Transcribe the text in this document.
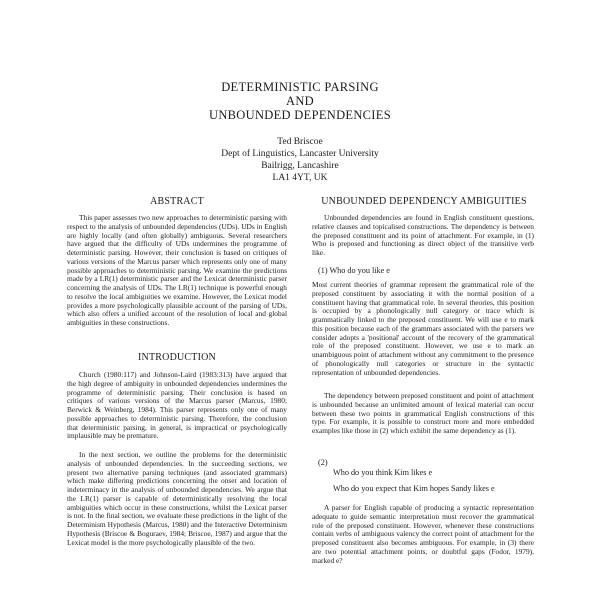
DETERMINISTIC PARSING
AND
UNBOUNDED DEPENDENCIES
Ted Briscoe
Dept of Linguistics, Lancaster University
Bailrigg, Lancashire
LA1 4YT, UK
ABSTRACT

This paper assesses two new approaches to deterministic parsing with respect to the analysis of unbounded dependencies (UDs). UDs in English are highly locally (and often globally) ambiguous. Several researchers have argued that the difficulty of UDs undermines the programme of deterministic parsing. However, their conclusion is based on critiques of various versions of the Marcus parser which represents only one of many possible approaches to deterministic parsing. We examine the predictions made by a LR(1) deterministic parser and the Lexicat deterministic parser concerning the analysis of UDs. The LR(1) technique is powerful enough to resolve the local ambiguities we examine. However, the Lexicat model provides a more psychologically plausible account of the parsing of UDs, which also offers a unified account of the resolution of local and global ambiguities in these constructions.

INTRODUCTION

Church (1980:117) and Johnson-Laird (1983:313) have argued that the high degree of ambiguity in unbounded dependencies undermines the programme of deterministic parsing. Their conclusion is based on critiques of various versions of the Marcus parser (Marcus, 1980; Berwick & Weinberg, 1984). This parser represents only one of many possible approaches to deterministic parsing. Therefore, the conclusion that deterministic parsing, in general, is impractical or psychologically implausible may be premature.

In the next section, we outline the problems for the deterministic analysis of unbounded dependencies. In the succeeding sections, we present two alternative parsing techniques (and associated grammars) which make differing predictions concerning the onset and location of indeterminacy in the analysis of unbounded dependencies. We argue that the LR(1) parser is capable of deterministically resolving the local ambiguities which occur in these constructions, whilst the Lexicat parser is not. In the final section, we evaluate these predictions in the light of the Determinism Hypothesis (Marcus, 1980) and the Interactive Determinism Hypothesis (Briscoe & Boguraev, 1984; Briscoe, 1987) and argue that the Lexicat model is the more psychologically plausible of the two.

UNBOUNDED DEPENDENCY AMBIGUITIES

Unbounded dependencies are found in English constituent questions, relative clauses and topicalised constructions. The dependency is between the preposed constituent and its point of attachment. For example, in (1) Who is preposed and functioning as direct object of the transitive verb like.

(1) Who do you like e

Most current theories of grammar represent the grammatical role of the preposed constituent by associating it with the normal position of a constituent having that grammatical role. In several theories, this position is occupied by a phonologically null category or trace which is grammatically linked to the preposed constituent. We will use e to mark this position because each of the grammars associated with the parsers we consider adopts a 'positional' account of the recovery of the grammatical role of the preposed constituent. However, we use e to mark an unambiguous point of attachment without any commitment to the presence of phonologically null categories or structure in the syntactic representation of unbounded dependencies.

The dependency between preposed constituent and point of attachment is unbounded because an unlimited amount of lexical material can occur between these two points in grammatical English constructions of this type. For example, it is possible to construct more and more embedded examples like those in (2) which exhibit the same dependency as (1).

(2)
Who do you think Kim likes e
Who do you expect that Kim hopes Sandy likes e

A parser for English capable of producing a syntactic representation adequate to guide semantic interpretation must recover the grammatical role of the preposed constituent. However, whenever these constructions contain verbs of ambiguous valency the correct point of attachment for the preposed constituent also becomes ambiguous. For example, in (3) there are two potential attachment points, or doubtful gaps (Fodor, 1979), marked e?
